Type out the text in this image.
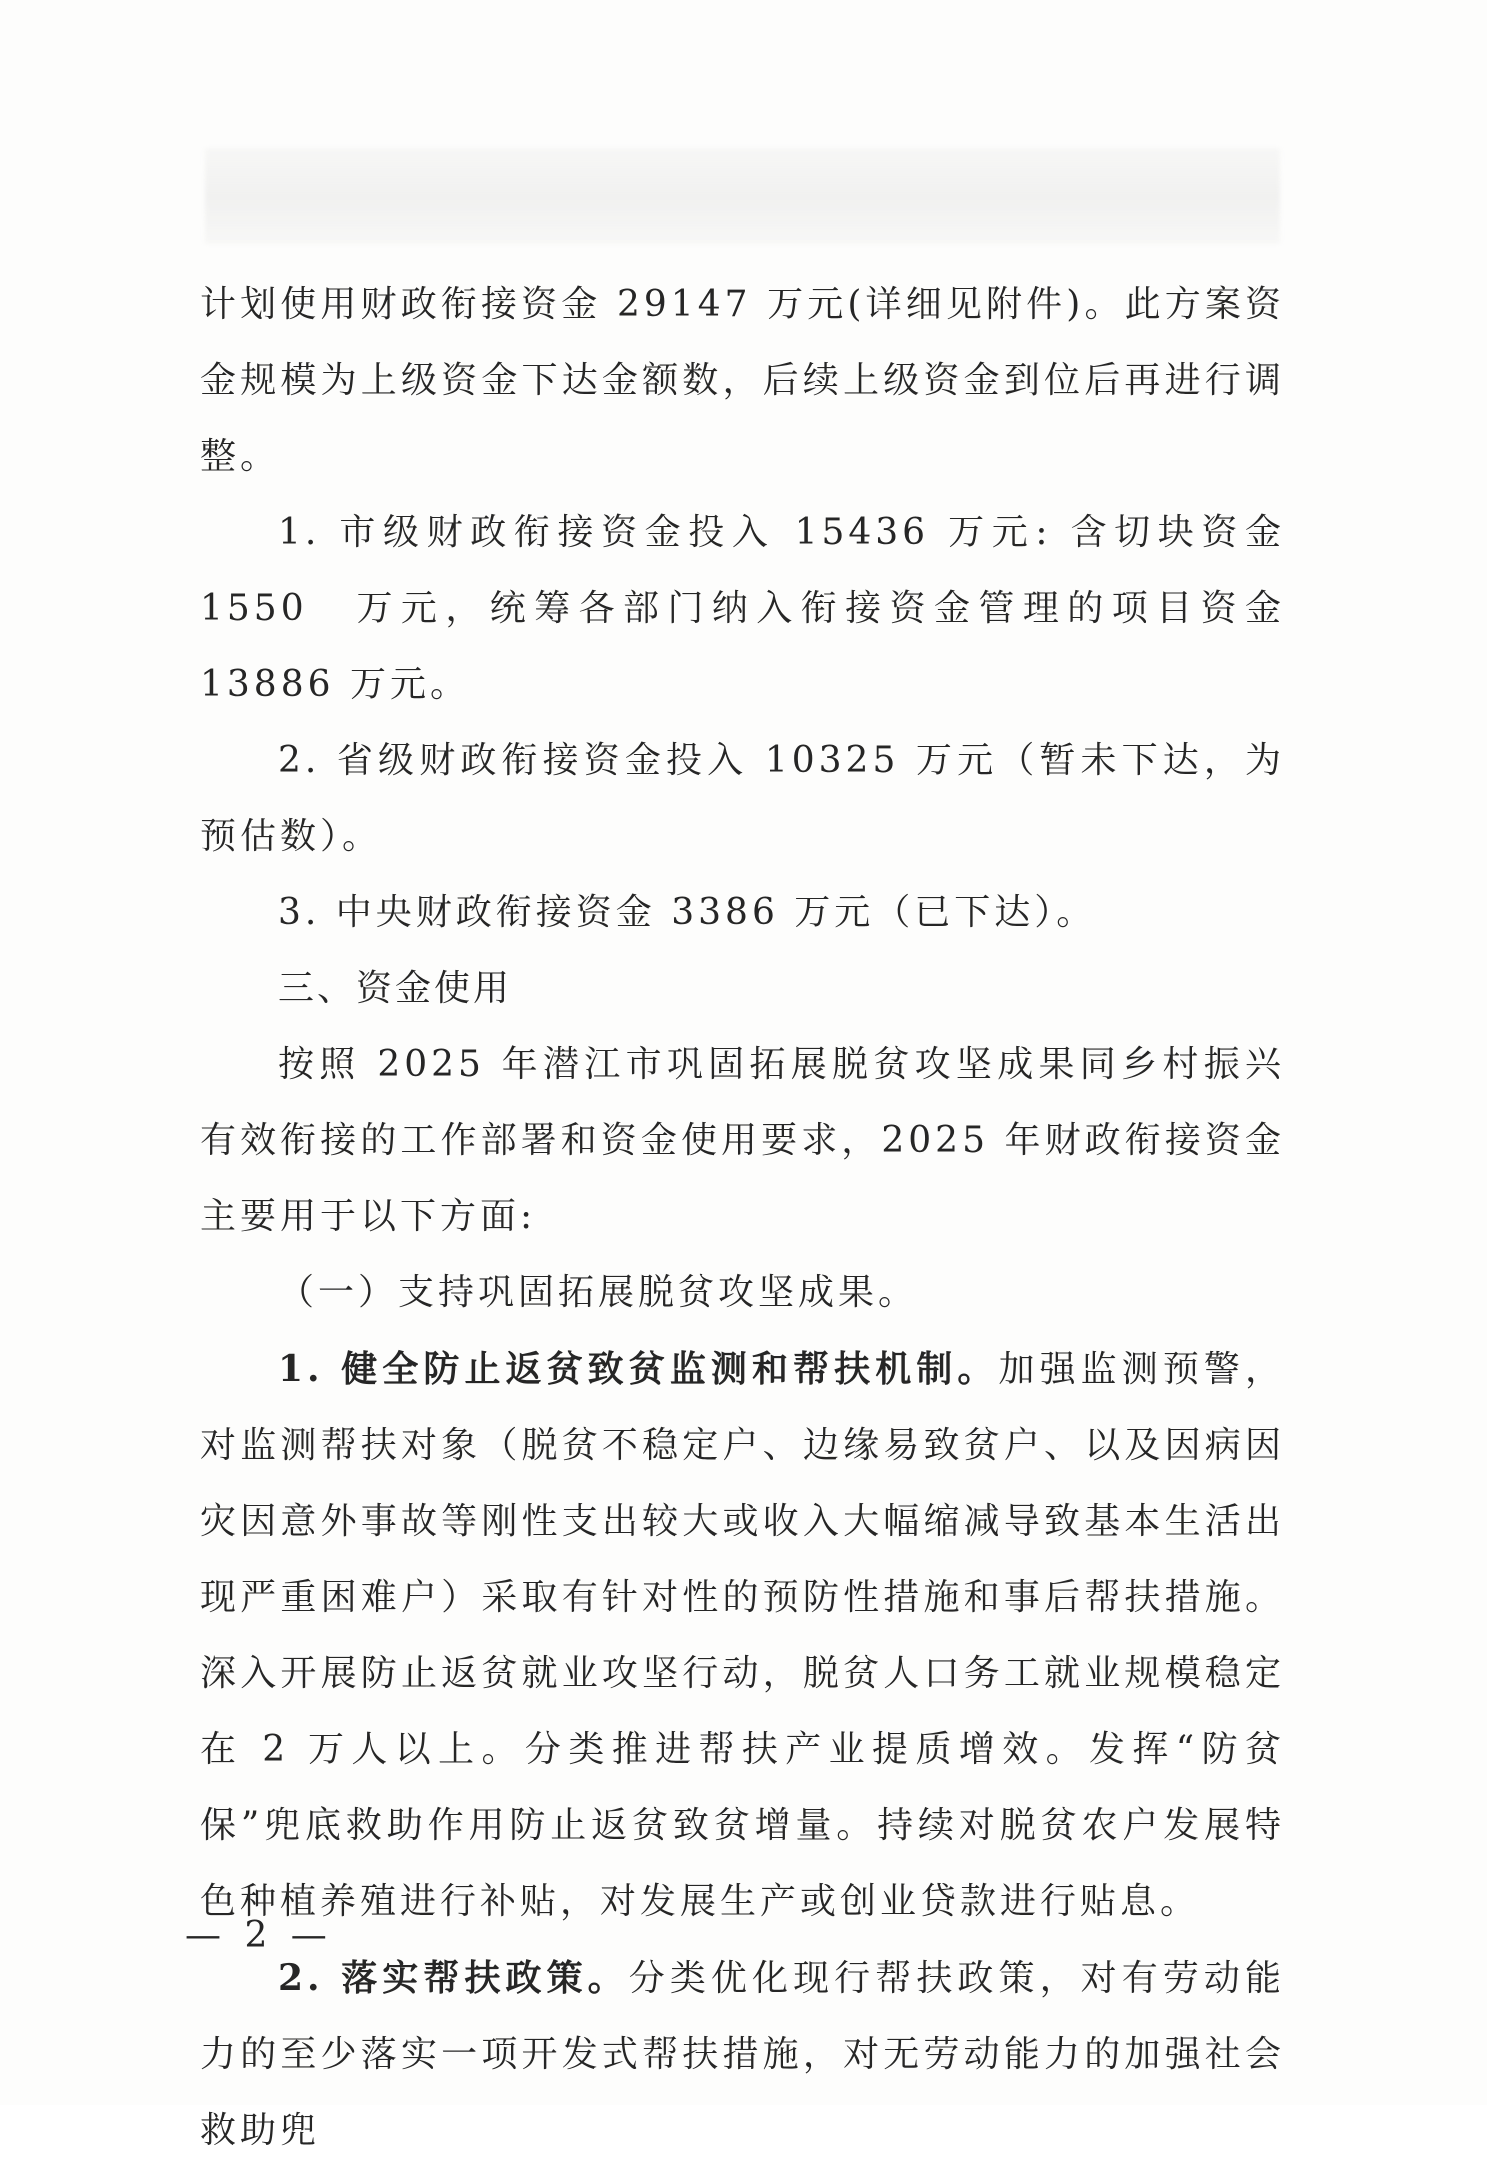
计划使用财政衔接资金 29147 万元(详细见附件)。此方案资金规模为上级资金下达金额数，后续上级资金到位后再进行调整。

1. 市级财政衔接资金投入 15436 万元: 含切块资金 1550　万元，统筹各部门纳入衔接资金管理的项目资金 13886 万元。

2. 省级财政衔接资金投入 10325 万元（暂未下达，为预估数）。

3. 中央财政衔接资金 3386 万元（已下达）。

三、资金使用

按照 2025 年潜江市巩固拓展脱贫攻坚成果同乡村振兴有效衔接的工作部署和资金使用要求，2025 年财政衔接资金主要用于以下方面:

（一）支持巩固拓展脱贫攻坚成果。

1. 健全防止返贫致贫监测和帮扶机制。加强监测预警，对监测帮扶对象（脱贫不稳定户、边缘易致贫户、以及因病因灾因意外事故等刚性支出较大或收入大幅缩减导致基本生活出现严重困难户）采取有针对性的预防性措施和事后帮扶措施。深入开展防止返贫就业攻坚行动，脱贫人口务工就业规模稳定在 2 万人以上。分类推进帮扶产业提质增效。发挥“防贫保”兜底救助作用防止返贫致贫增量。持续对脱贫农户发展特色种植养殖进行补贴，对发展生产或创业贷款进行贴息。

2. 落实帮扶政策。分类优化现行帮扶政策，对有劳动能力的至少落实一项开发式帮扶措施，对无劳动能力的加强社会救助兜

— 2 —
